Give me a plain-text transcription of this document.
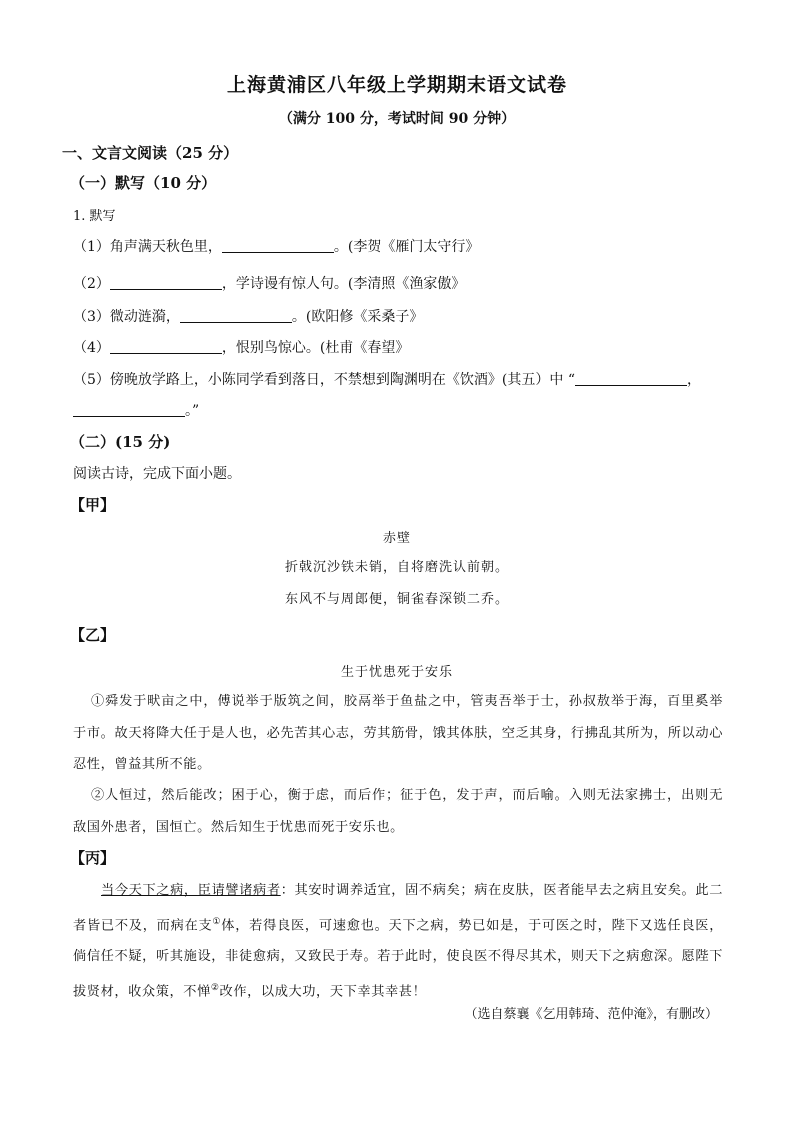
上海黄浦区八年级上学期期末语文试卷
（满分 100 分，考试时间 90 分钟）
一、文言文阅读（25 分）
（一）默写（10 分）
1. 默写
（1）角声满天秋色里，	。(李贺《雁门太守行》
（2）	，学诗谩有惊人句。(李清照《渔家傲》
（3）微动涟漪，	。(欧阳修《采桑子》
（4）	，恨别鸟惊心。(杜甫《春望》
（5）傍晚放学路上，小陈同学看到落日，不禁想到陶渊明在《饮酒》(其五）中 “	，
。”
（二）(15 分)
阅读古诗，完成下面小题。
【甲】
赤壁
折戟沉沙铁未销，自将磨洗认前朝。
东风不与周郎便，铜雀春深锁二乔。
【乙】
生于忧患死于安乐
①舜发于畎亩之中，傅说举于版筑之间，胶鬲举于鱼盐之中，管夷吾举于士，孙叔敖举于海，百里奚举于市。故天将降大任于是人也，必先苦其心志，劳其筋骨，饿其体肤，空乏其身，行拂乱其所为，所以动心忍性，曾益其所不能。
②人恒过，然后能改；困于心，衡于虑，而后作；征于色，发于声，而后喻。入则无法家拂士，出则无敌国外患者，国恒亡。然后知生于忧患而死于安乐也。
【丙】
当今天下之病，臣请譬诸病者：其安时调养适宜，固不病矣；病在皮肤，医者能早去之病且安矣。此二者皆已不及，而病在支①体，若得良医，可速愈也。天下之病，势已如是，于可医之时，陛下又选任良医，倘信任不疑，听其施设，非徒愈病，又致民于寿。若于此时，使良医不得尽其术，则天下之病愈深。愿陛下拔贤材，收众策，不惮②改作，以成大功，天下幸其幸甚！
（选自蔡襄《乞用韩琦、范仲淹》，有删改）
